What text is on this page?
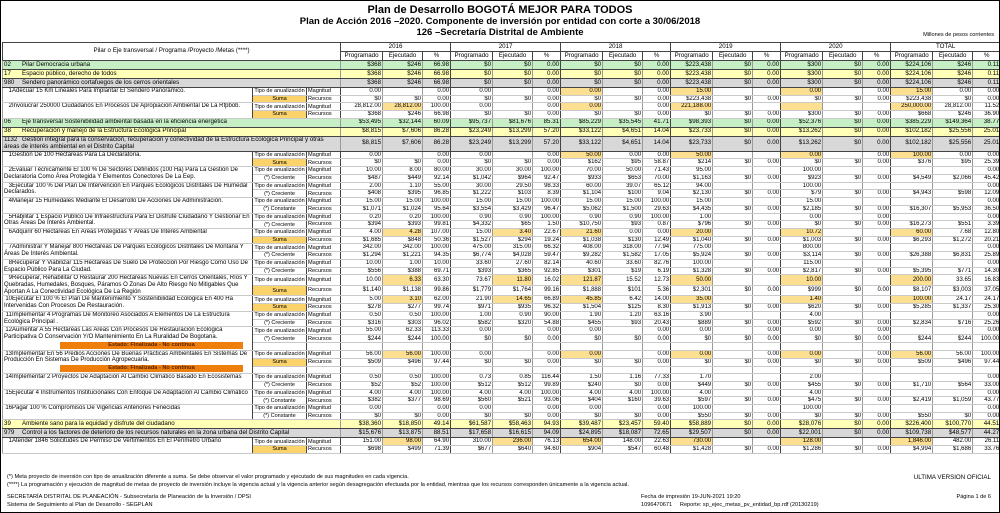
Plan de Desarrollo BOGOTÁ MEJOR PARA TODOS
Plan de Acción 2016 –2020. Componente de inversión por entidad con corte a 30/06/2018
126 –Secretaría Distrital de Ambiente	Millones de pesos corrientes
Pilar o Eje transversal / Programa /Proyecto /Metas (****)			2016			2017			2018			2019			2020			TOTAL		
			Programado	Ejecutado	%	Programado	Ejecutado	%	Programado	Ejecutado	%	Programado	Ejecutado	%	Programado	Ejecutado	%	Programado	Ejecutado	%
02 Pilar Democracia urbana			$368	$246	66.98	$0	$0	0.00	$0	$0	0.00	$223,438	$0	0.00	$300	$0	0.00	$224,106	$246	0.11
17 Espacio público, derecho de todos			$368	$246	66.98	$0	$0	0.00	$0	$0	0.00	$223,438	$0	0.00	$300	$0	0.00	$224,106	$246	0.11
980 Sendero panorámico cortafuegos de los cerros orientales			$368	$246	66.98	$0	$0	0.00	$0	$0	0.00	$223,438	$0	0.00	$300	$0	0.00	$224,106	$246	0.11
1Adecuar 15 Km Lineales Para Implantar El Sendero Panorámico.	Tipo de anualización	Magnitud	0.00		0.00	0.00		0.00	0.00		0.00	15.00			0.00		0.00	15.00	0.00	0.00
	Suma	Recursos	$0	$0	0.00	$0	$0	0.00	$0	$0	0.00	$223,438	$0	0.00	$0	$0	0.00	$223,438	$0	0.00
2Involucrar 250000 Ciudadanos En Procesos De Apropiación Ambiental De La Rfpbob.	Tipo de anualización	Magnitud	28,812.00	28,812.00	100.00	0.00		0.00	0.00		0.00	221,188.00						250,000.00	28,812.00	11.52
	Suma	Recursos	$368	$246	66.98	$0	$0	0.00	$0	$0	0.00	$0	$0	0.00	$300	$0	0.00	$668	$246	36.90
06 Eje transversal Sostenibilidad ambiental basada en la eficiencia energética			$53,495	$32,144	60.09	$95,737	$81,676	85.31	$85,229	$35,545	41.71	$98,393	$0	0.00	$52,376	$0	0.00	$385,229	$149,364	38.77
38 Recuperación y manejo de la Estructura Ecológica Principal			$8,815	$7,606	86.28	$23,249	$13,299	57.20	$33,122	$4,651	14.04	$23,733	$0	0.00	$13,262	$0	0.00	$102,182	$25,556	25.01
1132 Gestión integral para la conservación, recuperación y conectividad de la Estructura Ecológica Principal y otras áreas de interés ambiental en el Distrito Capital			$8,815	$7,606	86.28	$23,249	$13,299	57.20	$33,122	$4,651	14.04	$23,733	$0	0.00	$13,262	$0	0.00	$102,182	$25,556	25.01
1Gestión De 100 Hectáreas Para La Declaratoria.	Tipo de anualización	Magnitud	0.00		0.00	0.00		0.00	50.00	0.00	0.00	50.00			0.00		0.00	100.00	0.00	0.00
	Suma	Recursos	$0	$0	0.00	$0	$0	0.00	$162	$95	58.87	$214	$0	0.00	$0	$0	0.00	$376	$95	25.39
2Evaluar Técnicamente El 100 % De Sectores Definidos (100 Ha) Para La Gestión De Declaratoria Como Área Protegida Y Elementos Conectores De La Eep.	Tipo de anualización	Magnitud	10.00	8.00	80.00	30.00	30.00	100.00	70.00	50.00	71.43	95.00			100.00					0.00
	(*) Creciente	Recursos	$487	$449	92.14	$1,042	$964	92.47	$933	$653	70.00	$1,163	$0	0.00	$923	$0	0.00	$4,549	$2,066	45.42
3Ejecutar 100 % Del Plan De Intervención En Parques Ecológicos Distritales De Humedal Declarados.	Tipo de anualización	Magnitud	2.00	1.10	55.00	30.00	29.50	98.33	60.00	39.07	65.12	94.00			100.00					0.00
	(*) Creciente	Recursos	$408	$395	96.85	$1,222	$103	8.39	$1,104	$100	9.04	$2,130	$0	0.00	$79	$0	0.00	$4,943	$598	12.09
4Manejar 15 Humedales Mediante El Desarrollo De Acciones De Administración.	Tipo de anualización	Magnitud	15.00	15.00	100.00	15.00	15.00	100.00	15.00	15.00	100.00	15.00			15.00					0.00
	(*) Constante	Recursos	$1,071	$1,024	95.64	$3,554	$3,429	96.47	$5,062	$1,500	29.63	$4,435	$0	0.00	$2,185	$0	0.00	$16,307	$5,953	36.50
5Habilitar 1 Espacio Público De Infraestructura Para El Disfrute Ciudadano Y Gestionar En Otras Áreas De Interés Ambiental.	Tipo de anualización	Magnitud	0.20	0.20	100.00	0.90	0.90	100.00	0.90	0.90	100.00	1.00			0.00		0.00			0.00
	(*) Creciente	Recursos	$394	$393	99.81	$4,332	$65	1.50	$10,750	$93	0.87	$796	$0	0.00	$0	$0	0.00	$16,273	$551	3.39
6Adquirir 60 Hectáreas En Áreas Protegidas Y Áreas De Interés Ambiental	Tipo de anualización	Magnitud	4.00	4.28	107.00	15.00	3.40	22.67	21.60	0.00	0.00	20.00			10.72			60.00	7.68	12.80
	Suma	Recursos	$1,685	$848	50.36	$1,527	$294	19.24	$1,038	$130	12.49	$1,040	$0	0.00	$1,003	$0	0.00	$6,293	$1,272	20.21
7Administrar Y Manejar 800 Hectáreas De Parques Ecológicos Distritales De Montaña Y Áreas De Interés Ambiental.	Tipo de anualización	Magnitud	342.00	342.00	100.00	475.00	315.00	66.32	408.00	318.00	77.94	775.00			800.00					0.00
	(*) Creciente	Recursos	$1,294	$1,221	94.35	$6,774	$4,028	59.47	$9,282	$1,582	17.05	$5,924	$0	0.00	$3,114	$0	0.00	$26,388	$6,831	25.89
8Recuperar Y Viabilizar 115 Hectáreas De Suelo De Protección Por Riesgo Como Uso De Espacio Público Para La Ciudad.	Tipo de anualización	Magnitud	10.00	1.00	10.00	33.60	27.60	82.14	40.60	33.60	82.76	100.00			115.00					0.00
	(*) Creciente	Recursos	$556	$388	69.71	$393	$365	92.85	$301	$19	6.19	$1,328	$0	0.00	$2,817	$0	0.00	$5,395	$771	14.30
9Recuperar, Rehabilitar O Restaurar 200 Hectáreas Nuevas En Cerros Orientales, Ríos Y Quebradas, Humedales, Bosques, Páramos O Zonas De Alto Riesgo No Mitigables Que Aportan A La Conectividad Ecológica De La Región	Tipo de anualización	Magnitud	10.00	6.33	63.30	73.67	11.80	16.02	121.87	15.52	12.73	50.00			10.00			200.00	33.65	16.83
	Suma	Recursos	$1,140	$1,138	99.86	$1,779	$1,764	99.16	$1,888	$101	5.36	$2,301	$0	0.00	$999	$0	0.00	$8,107	$3,003	37.05
10Ejecutar El 100 % El Plan De Mantenimiento Y Sostenibilidad Ecológica En 400 Ha Intervenidas Con Procesos De Restauración.	Tipo de anualización	Magnitud	5.00	3.10	62.00	21.90	14.65	66.89	45.85	6.42	14.00	35.00			1.40			100.00	24.17	24.17
	Suma	Recursos	$278	$277	99.74	$971	$935	96.32	$1,504	$125	8.30	$1,913	$0	0.00	$620	$0	0.00	$5,285	$1,337	25.30
11Implementar 4 Programas De Monitoreo Asociados A Elementos De La Estructura Ecológica Principal .	Tipo de anualización	Magnitud	0.50	0.50	100.00	1.00	0.90	90.00	1.90	1.20	63.16	3.90			4.00					0.00
	(*) Creciente	Recursos	$316	$303	96.02	$582	$320	54.88	$455	$93	20.43	$889	$0	0.00	$592	$0	0.00	$2,834	$716	25.26
12Aumentar A 55 Hectáreas Las Áreas Con Procesos De Restauración Ecológica Participativa O Conservación Y/O Mantenimiento En La Ruralidad De Bogotana.
Estado: Finalizada - No continua	Tipo de anualización	Magnitud	55.00	62.33	113.33	0.00		0.00	0.00		0.00	0.00		0.00	0.00		0.00			0.00
	(*) Creciente	Recursos	$244	$244	100.00	$0	$0	0.00	$0	$0	0.00	$0	$0	0.00	$0	$0	0.00	$244	$244	100.00

13Implementar En 56 Predios Acciones De Buenas Prácticas Ambientales En Sistemas De Producción En Sistemas De Producción Agropecuaria.
Estado: Finalizada - No continua	Tipo de anualización	Magnitud	56.00	56.00	100.00	0.00		0.00	0.00		0.00	0.00		0.00	0.00		0.00	56.00	56.00	100.00
	Suma	Recursos	$509	$496	97.44	$0	$0	0.00	$0	$0	0.00	$0	$0	0.00	$0	$0	0.00	$509	$496	97.44

14Implementar 2 Proyectos De Adaptación Al Cambio Climático Basado En Ecosistemas	Tipo de anualización	Magnitud	0.50	0.50	100.00	0.73	0.85	116.44	1.50	1.16	77.33	1.70			2.00					0.00
	(*) Creciente	Recursos	$52	$52	100.00	$512	$512	99.89	$240	$0	0.00	$449	$0	0.00	$455	$0	0.00	$1,710	$564	33.00
15Ejecutar 4 Instrumentos Institucionales Con Enfoque De Adaptación Al Cambio Climático	Tipo de anualización	Magnitud	4.00	4.00	100.00	4.00	4.00	100.00	4.00	4.00	100.00	4.00			4.00					0.00
	(*) Constante	Recursos	$382	$377	98.69	$560	$521	93.06	$404	$160	39.63	$597	$0	0.00	$475	$0	0.00	$2,419	$1,059	43.77
16Pagar 100 % Compromisos De Vigencias Anteriores Fenecidas	Tipo de anualización	Magnitud	0.00		0.00	0.00		0.00	0.00		0.00	100.00			100.00					0.00
	(*) Constante	Recursos	$0	$0	0.00	$0	$0	0.00	$0	$0	0.00	$550	$0	0.00	$0	$0	0.00	$550	$0	0.00
39 Ambiente sano para la equidad y disfrute del ciudadano			$38,360	$18,850	49.14	$61,587	$58,463	94.93	$39,487	$23,457	59.40	$58,889	$0	0.00	$28,076	$0	0.00	$226,400	$100,770	44.51
979 Control a los factores de deterioro de los recursos naturales en la zona urbana del Distrito Capital			$15,676	$13,875	88.51	$17,658	$16,615	94.09	$24,895	$18,087	72.65	$29,507	$0	0.00	$22,001	$0	0.00	$109,738	$48,577	44.27
1Atender 1846 Solicitudes De Permiso De Vertimientos En El Perímetro Urbano	Tipo de anualización	Magnitud	151.00	98.00	64.90	310.00	236.00	76.13	654.00	148.00	22.63	730.00			128.00			1,846.00	482.00	26.11
	Suma	Recursos	$698	$499	71.39	$677	$640	94.60	$904	$547	60.48	$1,428	$0	0.00	$1,286	$0	0.00	$4,994	$1,686	33.76
(*) Meta proyecto de inversión con tipo de anualización diferente a suma. Se debe observar el valor programado y ejecutado de sus magnitudes en cada vigencia.
(****) La programación y ejecución de magnitud de metas de proyecto de inversión incluye la vigencia actual y la vigencia anterior según desagregación efectuada por la entidad, mientras que los recursos corresponden únicamente a la vigencia actual.
ULTIMA VERSION OFICIAL
SECRETARÍA DISTRITAL DE PLANEACIÓN - Subsecretaría de Planeación de la Inversión / DPSI
Sistema de Seguimiento al Plan de Desarrollo - SEGPLAN
Fecha de impresión 19-JUN-2021 19:20	Página 1 de 6
1096470671 Reporte: sp_ejec_metas_pv_entidad_bp.rdf (20130219)
